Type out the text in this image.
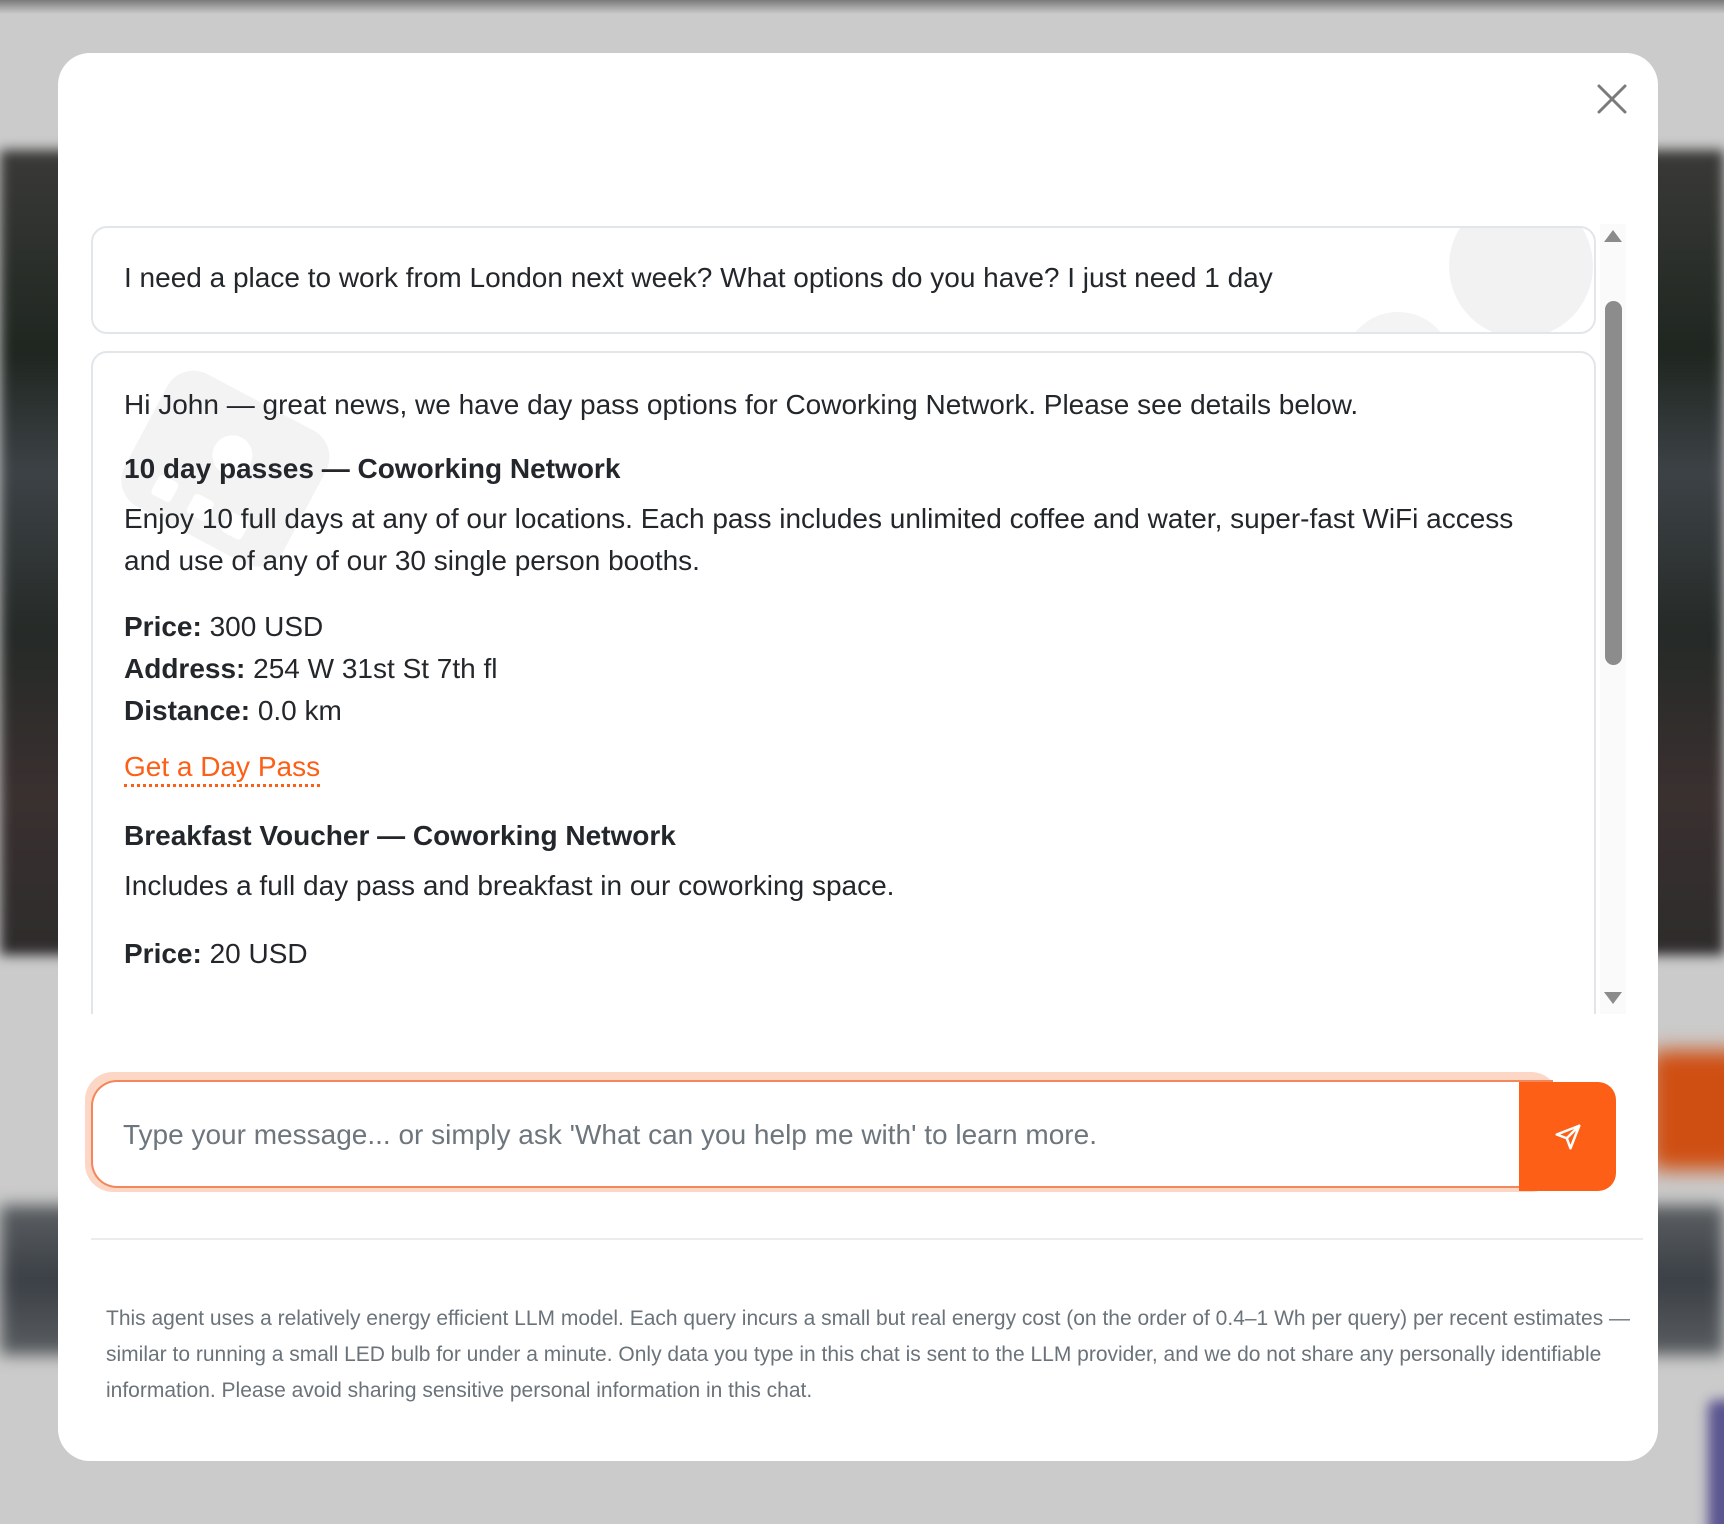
I need a place to work from London next week? What options do you have? I just need 1 day

Hi John — great news, we have day pass options for Coworking Network. Please see details below.

10 day passes — Coworking Network

Enjoy 10 full days at any of our locations. Each pass includes unlimited coffee and water, super-fast WiFi access and use of any of our 30 single person booths.

Price: 300 USD

Address: 254 W 31st St 7th fl

Distance: 0.0 km

Get a Day Pass

Breakfast Voucher — Coworking Network

Includes a full day pass and breakfast in our coworking space.

Price: 20 USD

Type your message... or simply ask 'What can you help me with' to learn more.

This agent uses a relatively energy efficient LLM model. Each query incurs a small but real energy cost (on the order of 0.4–1 Wh per query) per recent estimates — similar to running a small LED bulb for under a minute. Only data you type in this chat is sent to the LLM provider, and we do not share any personally identifiable information. Please avoid sharing sensitive personal information in this chat.
